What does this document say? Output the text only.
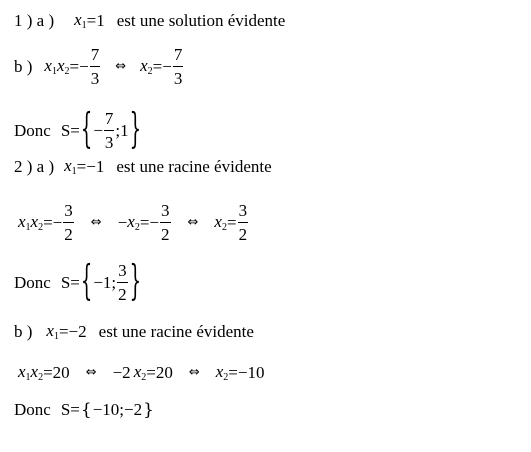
1 ) a ) $x_1 =1$ est une solution évidente
b ) $x_1x_2 =- \frac{7}{3}$ ⇔ $x_2 =- \frac{7}{3}$
Donc S= { − $\frac{7}{3}$ ; 1 }
2 ) a ) $x_1 =-1$ est une racine évidente
$x_1x_2 =- \frac{3}{2}$ ⇔ − $x_2 =- \frac{3}{2}$ ⇔ $x_2 = \frac{3}{2}$
Donc S= { −1 ; $\frac{3}{2}$ }
b ) $x_1 =-2$ est une racine évidente
$x_1x_2 =20$ ⇔ −2 $x_2 =20$ ⇔ $x_2 =-10$
Donc S= { −10;−2 }
